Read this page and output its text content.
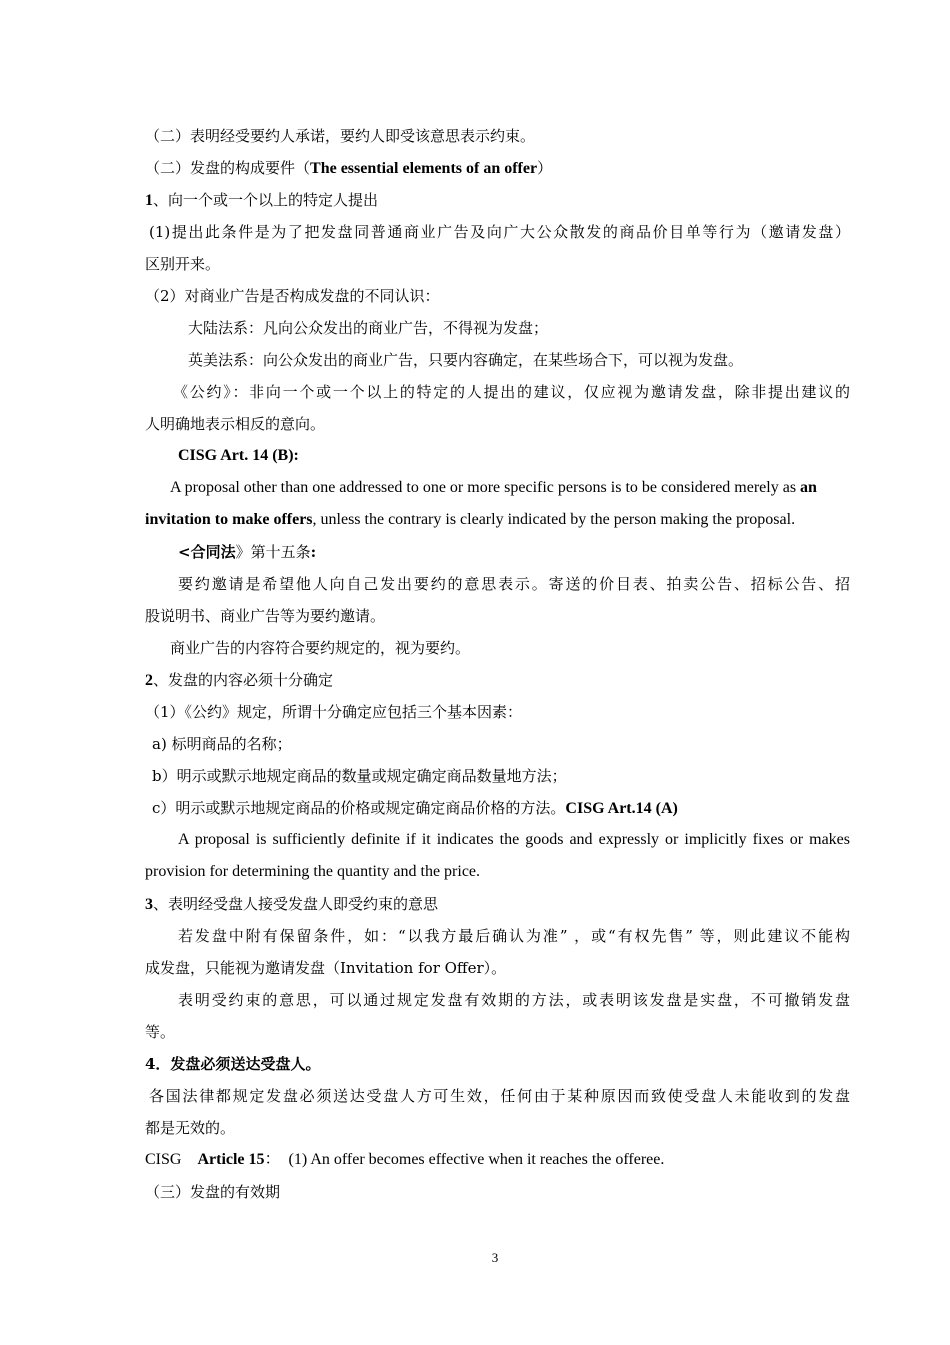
（二）表明经受要约人承诺，要约人即受该意思表示约束。
（二）发盘的构成要件（The essential elements of an offer）
1、向一个或一个以上的特定人提出
(1)提出此条件是为了把发盘同普通商业广告及向广大公众散发的商品价目单等行为（邀请发盘）
区别开来。
（2）对商业广告是否构成发盘的不同认识：
大陆法系：凡向公众发出的商业广告，不得视为发盘；
英美法系：向公众发出的商业广告，只要内容确定，在某些场合下，可以视为发盘。
《公约》：非向一个或一个以上的特定的人提出的建议，仅应视为邀请发盘，除非提出建议的
人明确地表示相反的意向。
CISG Art. 14 (B):
A proposal other than one addressed to one or more specific persons is to be considered merely as an
invitation to make offers, unless the contrary is clearly indicated by the person making the proposal.
<合同法》第十五条:
要约邀请是希望他人向自己发出要约的意思表示。寄送的价目表、拍卖公告、招标公告、招
股说明书、商业广告等为要约邀请。
商业广告的内容符合要约规定的，视为要约。
2、发盘的内容必须十分确定
（1）《公约》规定，所谓十分确定应包括三个基本因素：
a) 标明商品的名称；
b）明示或默示地规定商品的数量或规定确定商品数量地方法；
c）明示或默示地规定商品的价格或规定确定商品价格的方法。CISG Art.14 (A)
A proposal is sufficiently definite if it indicates the goods and expressly or implicitly fixes or makes
provision for determining the quantity and the price.
3、表明经受盘人接受发盘人即受约束的意思
若发盘中附有保留条件，如：“以我方最后确认为准” ，或“有权先售” 等，则此建议不能构
成发盘，只能视为邀请发盘（Invitation for Offer）。
表明受约束的意思，可以通过规定发盘有效期的方法，或表明该发盘是实盘，不可撤销发盘
等。
4．发盘必须送达受盘人。
各国法律都规定发盘必须送达受盘人方可生效，任何由于某种原因而致使受盘人未能收到的发盘
都是无效的。
CISG Article 15： (1) An offer becomes effective when it reaches the offeree.
（三）发盘的有效期
3
